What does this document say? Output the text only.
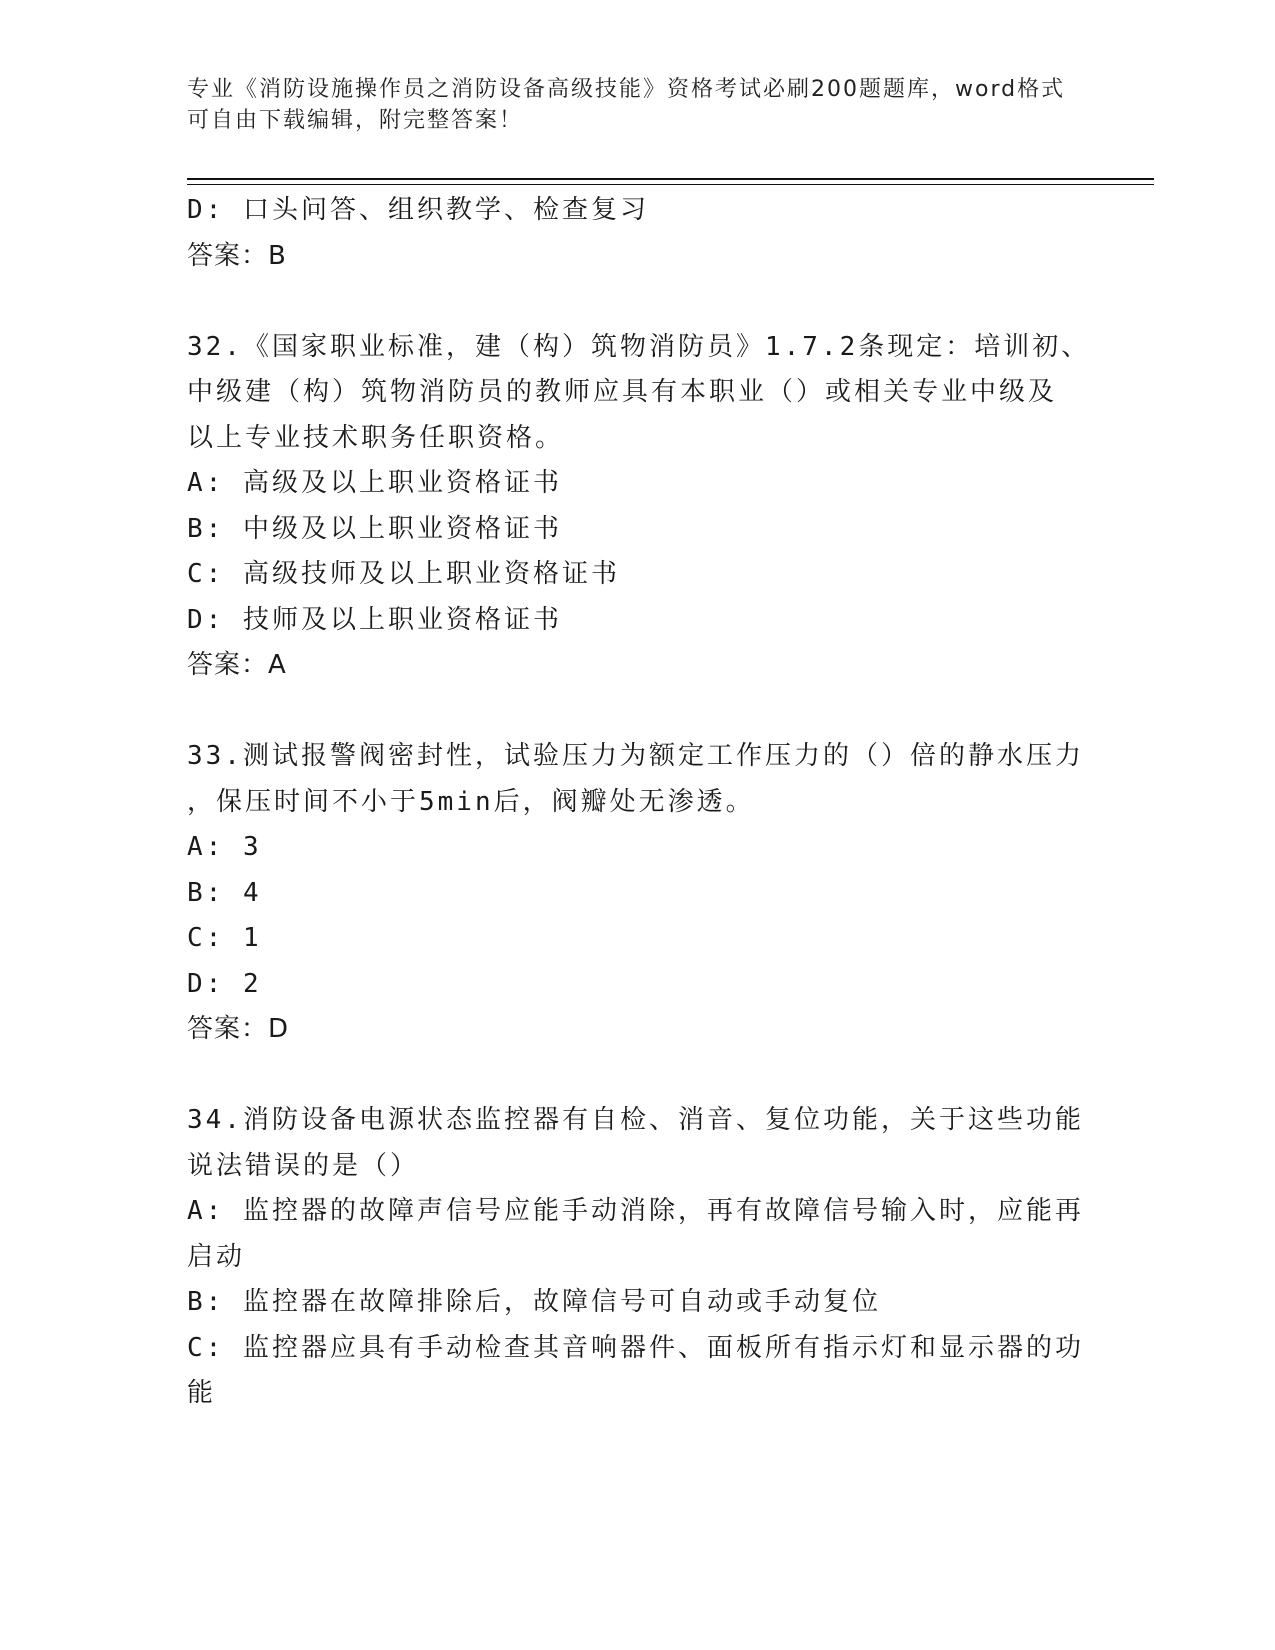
专业《消防设施操作员之消防设备高级技能》资格考试必刷200题题库，word格式可自由下载编辑，附完整答案！
D: 口头问答、组织教学、检查复习
答案：B
32.《国家职业标准，建（构）筑物消防员》1.7.2条现定：培训初、
中级建（构）筑物消防员的教师应具有本职业（）或相关专业中级及
以上专业技术职务任职资格。
A: 高级及以上职业资格证书
B: 中级及以上职业资格证书
C: 高级技师及以上职业资格证书
D: 技师及以上职业资格证书
答案：A
33.测试报警阀密封性，试验压力为额定工作压力的（）倍的静水压力
，保压时间不小于5min后，阀瓣处无渗透。
A: 3
B: 4
C: 1
D: 2
答案：D
34.消防设备电源状态监控器有自检、消音、复位功能，关于这些功能
说法错误的是（）
A: 监控器的故障声信号应能手动消除，再有故障信号输入时，应能再
启动
B: 监控器在故障排除后，故障信号可自动或手动复位
C: 监控器应具有手动检查其音响器件、面板所有指示灯和显示器的功
能
